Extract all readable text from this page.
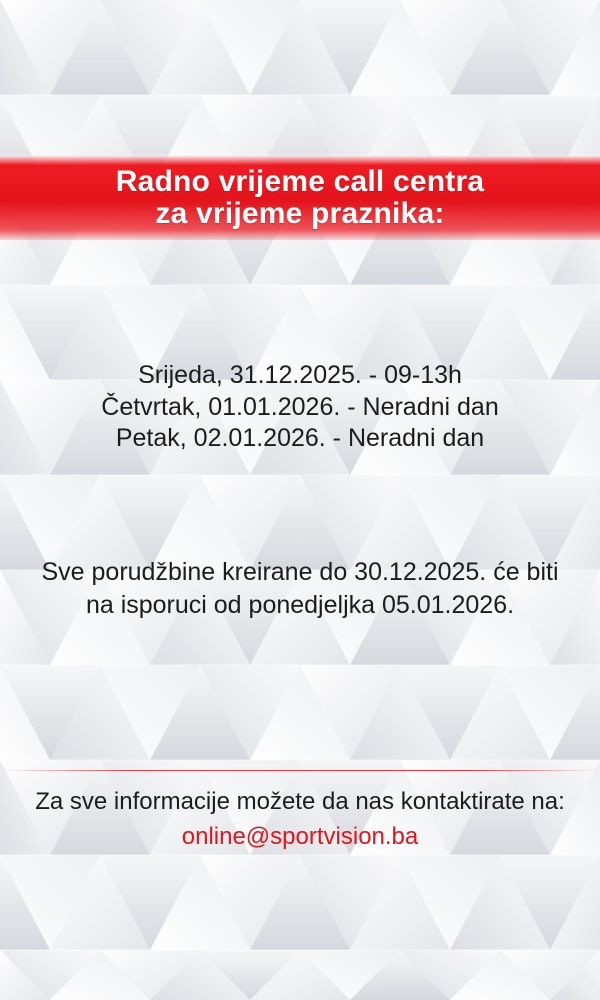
Radno vrijeme call centra
za vrijeme praznika:
Srijeda, 31.12.2025. - 09-13h
Četvrtak, 01.01.2026. - Neradni dan
Petak, 02.01.2026. - Neradni dan
Sve porudžbine kreirane do 30.12.2025. će biti
na isporuci od ponedjeljka 05.01.2026.
Za sve informacije možete da nas kontaktirate na:
online@sportvision.ba
